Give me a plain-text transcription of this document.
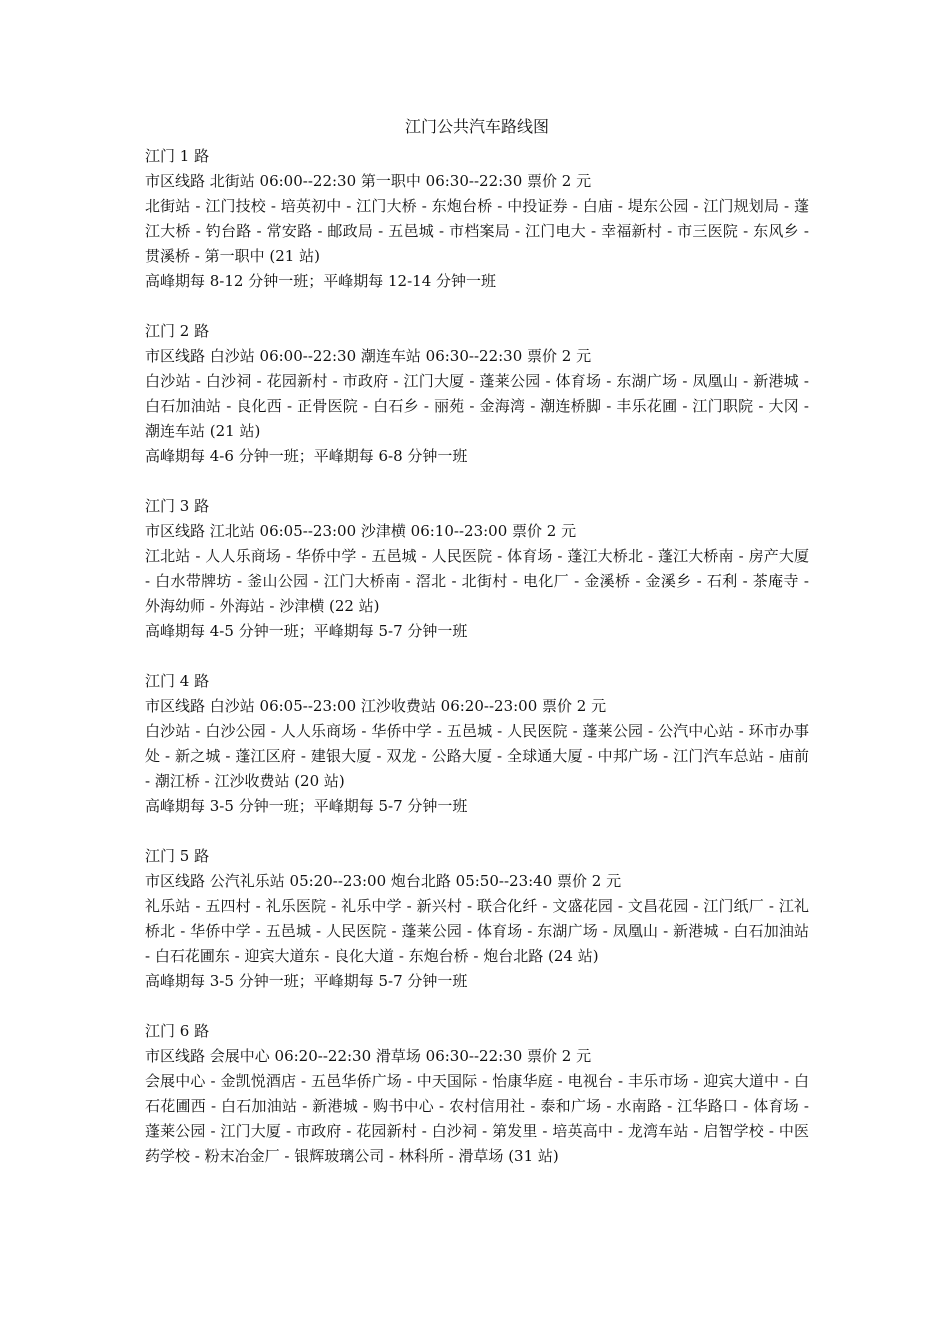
江门公共汽车路线图

江门 1 路

市区线路 北街站 06:00--22:30 第一职中 06:30--22:30 票价 2 元

北街站 - 江门技校 - 培英初中 - 江门大桥 - 东炮台桥 - 中投证券 - 白庙 - 堤东公园 - 江门规划局 - 蓬江大桥 - 钓台路 - 常安路 - 邮政局 - 五邑城 - 市档案局 - 江门电大 - 幸福新村 - 市三医院 - 东风乡 - 贯溪桥 - 第一职中 (21 站)

高峰期每 8-12 分钟一班；平峰期每 12-14 分钟一班

江门 2 路

市区线路 白沙站 06:00--22:30 潮连车站 06:30--22:30 票价 2 元

白沙站 - 白沙祠 - 花园新村 - 市政府 - 江门大厦 - 蓬莱公园 - 体育场 - 东湖广场 - 凤凰山 - 新港城 - 白石加油站 - 良化西 - 正骨医院 - 白石乡 - 丽苑 - 金海湾 - 潮连桥脚 - 丰乐花圃 - 江门职院 - 大冈 - 潮连车站 (21 站)

高峰期每 4-6 分钟一班；平峰期每 6-8 分钟一班

江门 3 路

市区线路 江北站 06:05--23:00 沙津横 06:10--23:00 票价 2 元

江北站 - 人人乐商场 - 华侨中学 - 五邑城 - 人民医院 - 体育场 - 蓬江大桥北 - 蓬江大桥南 - 房产大厦 - 白水带牌坊 - 釜山公园 - 江门大桥南 - 滘北 - 北街村 - 电化厂 - 金溪桥 - 金溪乡 - 石利 - 茶庵寺 - 外海幼师 - 外海站 - 沙津横 (22 站)

高峰期每 4-5 分钟一班；平峰期每 5-7 分钟一班

江门 4 路

市区线路 白沙站 06:05--23:00 江沙收费站 06:20--23:00 票价 2 元

白沙站 - 白沙公园 - 人人乐商场 - 华侨中学 - 五邑城 - 人民医院 - 蓬莱公园 - 公汽中心站 - 环市办事处 - 新之城 - 蓬江区府 - 建银大厦 - 双龙 - 公路大厦 - 全球通大厦 - 中邦广场 - 江门汽车总站 - 庙前 - 潮江桥 - 江沙收费站 (20 站)

高峰期每 3-5 分钟一班；平峰期每 5-7 分钟一班

江门 5 路

市区线路 公汽礼乐站 05:20--23:00 炮台北路 05:50--23:40 票价 2 元

礼乐站 - 五四村 - 礼乐医院 - 礼乐中学 - 新兴村 - 联合化纤 - 文盛花园 - 文昌花园 - 江门纸厂 - 江礼桥北 - 华侨中学 - 五邑城 - 人民医院 - 蓬莱公园 - 体育场 - 东湖广场 - 凤凰山 - 新港城 - 白石加油站 - 白石花圃东 - 迎宾大道东 - 良化大道 - 东炮台桥 - 炮台北路 (24 站)

高峰期每 3-5 分钟一班；平峰期每 5-7 分钟一班

江门 6 路

市区线路 会展中心 06:20--22:30 滑草场 06:30--22:30 票价 2 元

会展中心 - 金凯悦酒店 - 五邑华侨广场 - 中天国际 - 怡康华庭 - 电视台 - 丰乐市场 - 迎宾大道中 - 白石花圃西 - 白石加油站 - 新港城 - 购书中心 - 农村信用社 - 泰和广场 - 水南路 - 江华路口 - 体育场 - 蓬莱公园 - 江门大厦 - 市政府 - 花园新村 - 白沙祠 - 第发里 - 培英高中 - 龙湾车站 - 启智学校 - 中医药学校 - 粉末冶金厂 - 银辉玻璃公司 - 林科所 - 滑草场 (31 站)
